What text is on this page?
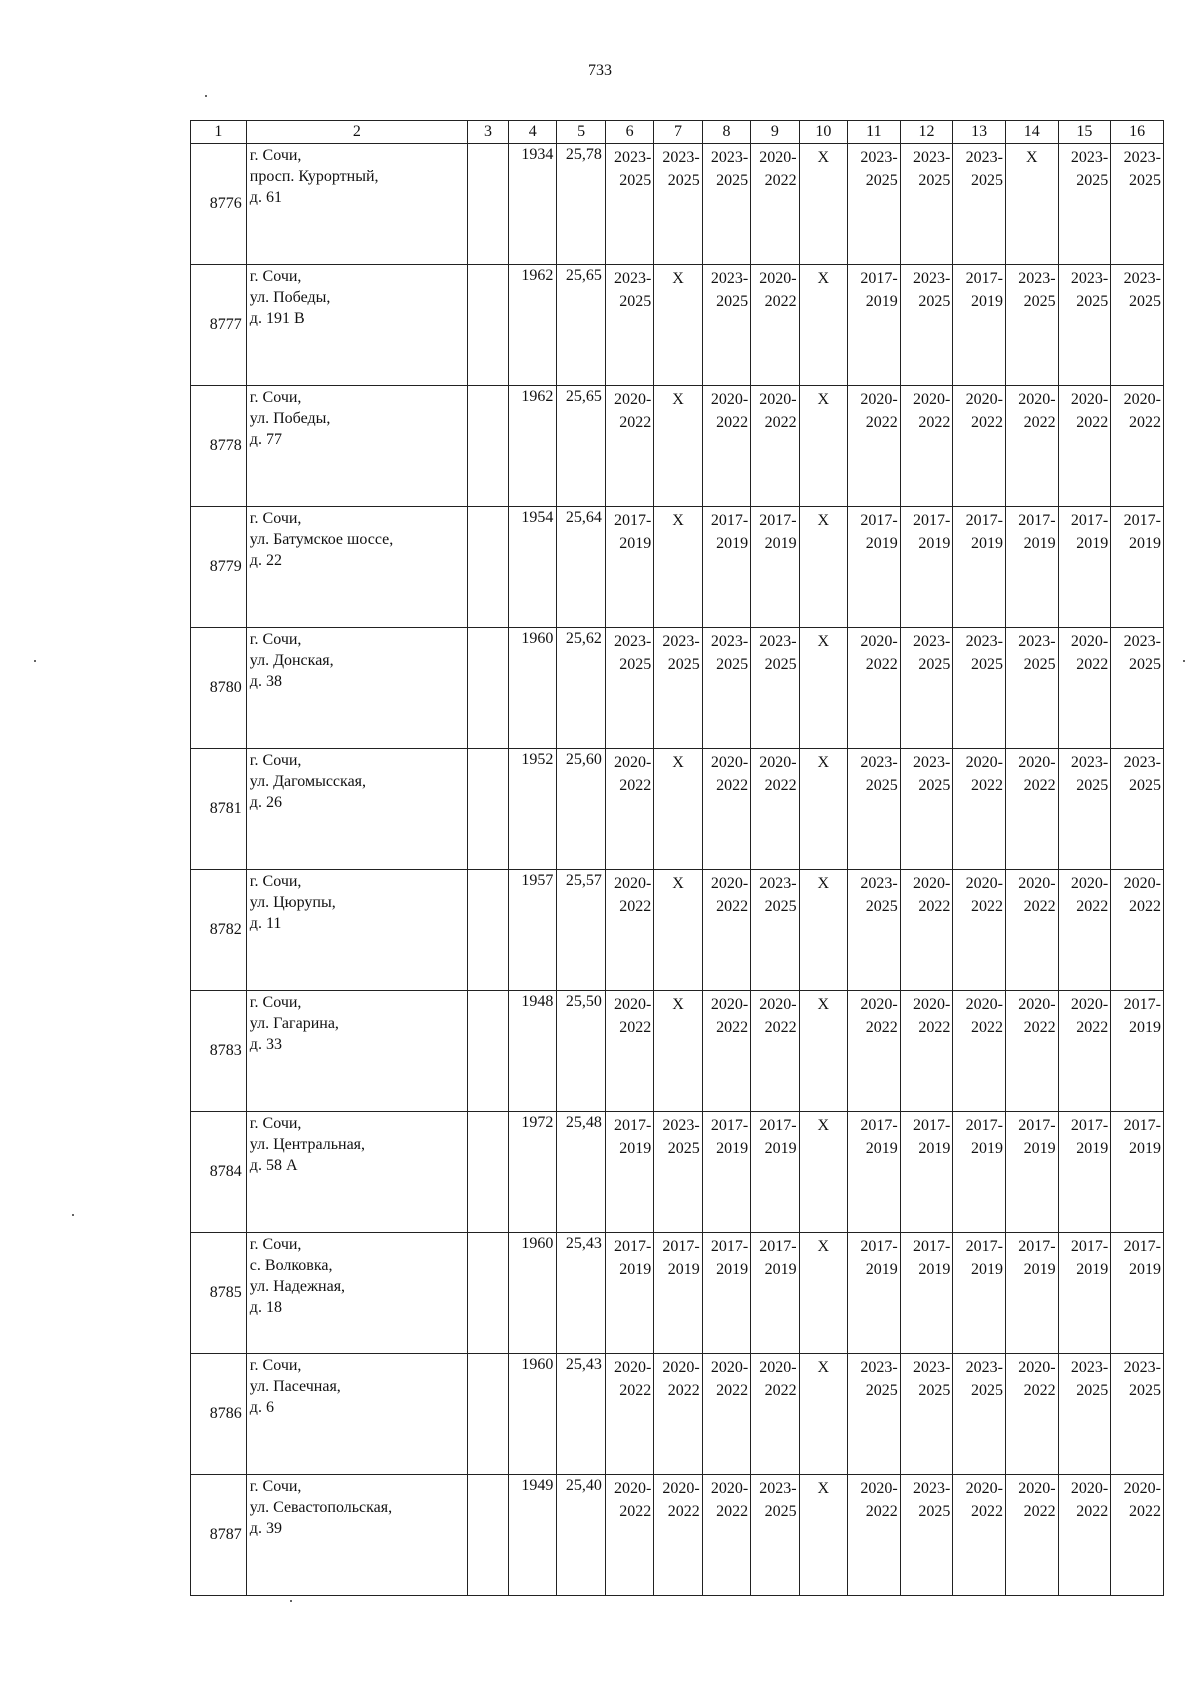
733
1	2	3	4	5	6	7	8	9	10	11	12	13	14	15	16
8776	г. Сочи,
просп. Курортный,
д. 61		1934	25,78	2023-
2025	2023-
2025	2023-
2025	2020-
2022	Х	2023-
2025	2023-
2025	2023-
2025	Х	2023-
2025	2023-
2025

8777	г. Сочи,
ул. Победы,
д. 191 В		1962	25,65	2023-
2025	Х	2023-
2025	2020-
2022	Х	2017-
2019	2023-
2025	2017-
2019	2023-
2025	2023-
2025	2023-
2025

8778	г. Сочи,
ул. Победы,
д. 77		1962	25,65	2020-
2022	Х	2020-
2022	2020-
2022	Х	2020-
2022	2020-
2022	2020-
2022	2020-
2022	2020-
2022	2020-
2022

8779	г. Сочи,
ул. Батумское шоссе,
д. 22		1954	25,64	2017-
2019	Х	2017-
2019	2017-
2019	Х	2017-
2019	2017-
2019	2017-
2019	2017-
2019	2017-
2019	2017-
2019

8780	г. Сочи,
ул. Донская,
д. 38		1960	25,62	2023-
2025	2023-
2025	2023-
2025	2023-
2025	Х	2020-
2022	2023-
2025	2023-
2025	2023-
2025	2020-
2022	2023-
2025

8781	г. Сочи,
ул. Дагомысская,
д. 26		1952	25,60	2020-
2022	Х	2020-
2022	2020-
2022	Х	2023-
2025	2023-
2025	2020-
2022	2020-
2022	2023-
2025	2023-
2025

8782	г. Сочи,
ул. Цюрупы,
д. 11		1957	25,57	2020-
2022	Х	2020-
2022	2023-
2025	Х	2023-
2025	2020-
2022	2020-
2022	2020-
2022	2020-
2022	2020-
2022

8783	г. Сочи,
ул. Гагарина,
д. 33		1948	25,50	2020-
2022	Х	2020-
2022	2020-
2022	Х	2020-
2022	2020-
2022	2020-
2022	2020-
2022	2020-
2022	2017-
2019

8784	г. Сочи,
ул. Центральная,
д. 58 А		1972	25,48	2017-
2019	2023-
2025	2017-
2019	2017-
2019	Х	2017-
2019	2017-
2019	2017-
2019	2017-
2019	2017-
2019	2017-
2019

8785	г. Сочи,
с. Волковка,
ул. Надежная,
д. 18		1960	25,43	2017-
2019	2017-
2019	2017-
2019	2017-
2019	Х	2017-
2019	2017-
2019	2017-
2019	2017-
2019	2017-
2019	2017-
2019

8786	г. Сочи,
ул. Пасечная,
д. 6		1960	25,43	2020-
2022	2020-
2022	2020-
2022	2020-
2022	Х	2023-
2025	2023-
2025	2023-
2025	2020-
2022	2023-
2025	2023-
2025

8787	г. Сочи,
ул. Севастопольская,
д. 39		1949	25,40	2020-
2022	2020-
2022	2020-
2022	2023-
2025	Х	2020-
2022	2023-
2025	2020-
2022	2020-
2022	2020-
2022	2020-
2022
